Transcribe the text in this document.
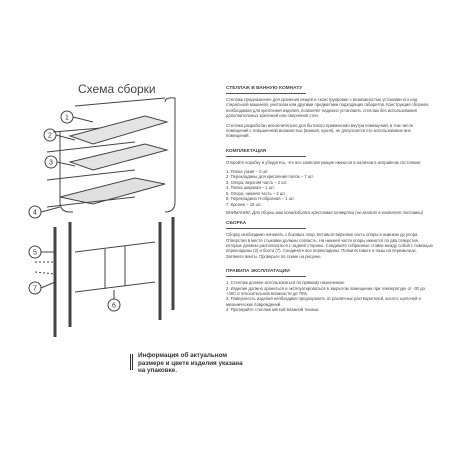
Схема сборки
1
2
3
4
5
6
7
Информация об актуальном размере и цвете изделия указана на упаковке.

СТЕЛЛАЖ В ВАННУЮ КОМНАТУ

Стеллаж предназначен для хранения вещей и сконструирован с возможностью установки его над стиральной машиной, унитазом или другими предметами подходящих габаритов. Конструкция сборная, необходимая для крепления изделия, позволяет надежно установить стеллаж без использования дополнительных крепежей или сверления стен.

Стеллаж разработан исключительно для бытового применения внутри помещений, в том числе помещений с повышенной влажностью (ванная, кухня), не допускается его использование вне помещений.

КОМПЛЕКТАЦИЯ

Откройте коробку и убедитесь, что все комплектующие имеются в наличии в исправном состоянии:

1. Полка узкая – 2 шт.
2. Перекладины для крепления полок – 7 шт.
3. Опора, верхняя часть – 2 шт.
4. Полка широкая – 1 шт.
5. Опора, нижняя часть – 2 шт.
6. Перекладина Н-образная – 1 шт.
7. Крепеж – 18 шт.

ВНИМАНИЕ: Для сборки вам понадобится крестовая отвертка (не входит в комплект поставки)

СБОРКА

Сборку необходимо начинать с боковых опор. Вставьте верхнюю часть опоры в нижнюю до упора. Отверстия в месте стыковки должны совпасть. На нижней части опоры имеются по два отверстия, которые должны располагаться с задней стороны. Соедините собранные стойки между собой с помощью перекладины (2) и болта (7). Соедините все перекладины. Полки вставьте в пазы на перемычках. Затяните винты. Проверьте по схеме на рисунке.

ПРАВИЛА ЭКСПЛУАТАЦИИ

1. Стеллаж должен использоваться по прямому назначению.
2. Изделие должно храниться и эксплуатироваться в закрытом помещении при температуре от -30 до +40С и относительной влажности до 75%.
3. Поверхность изделия необходимо предохранять от различных растворителей, кислот, щелочей и механических повреждений.
4. Протирайте стеллаж мягкой влажной тканью.
